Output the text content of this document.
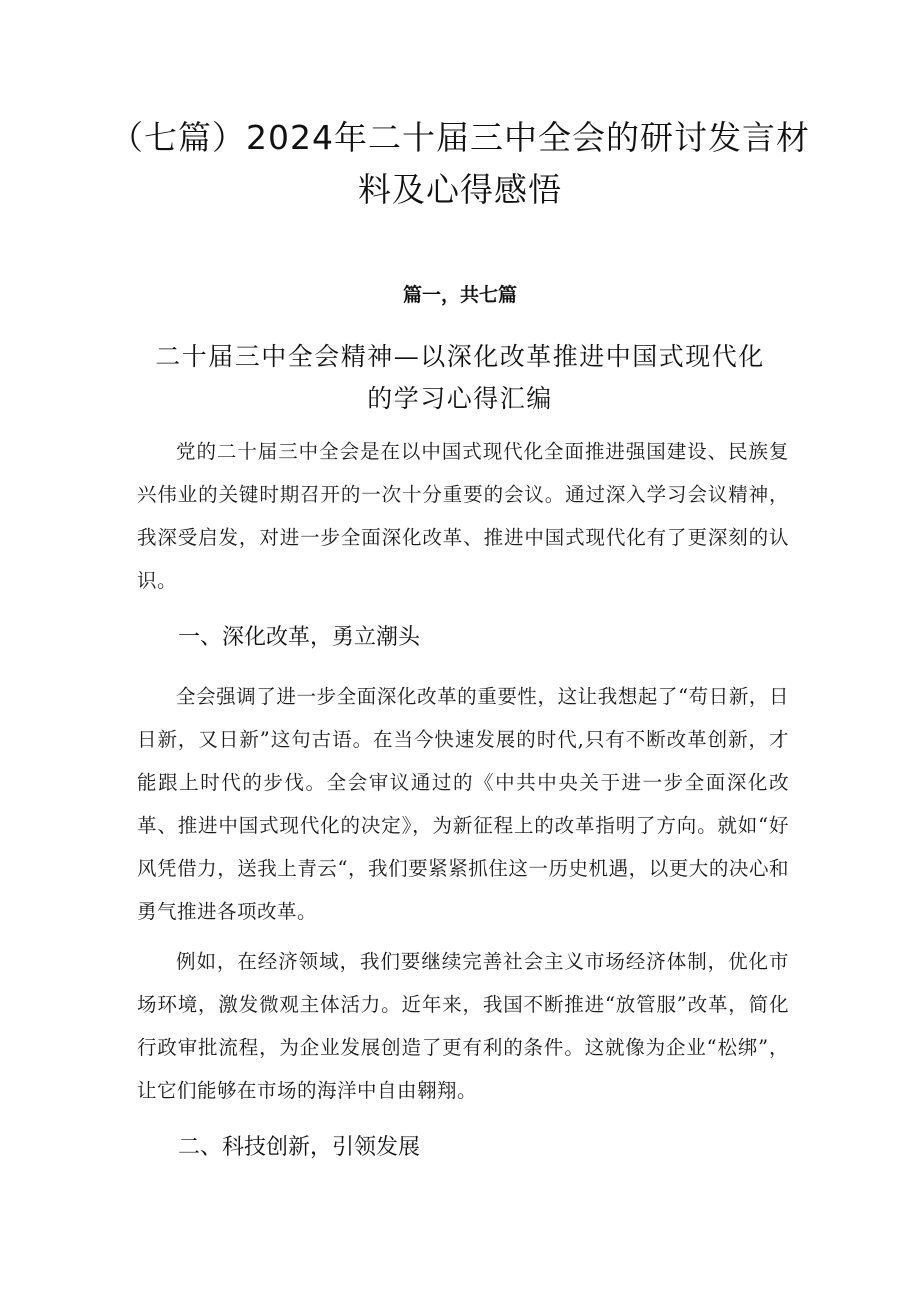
（七篇）2024年二十届三中全会的研讨发言材料及心得感悟
篇一，共七篇
二十届三中全会精神—以深化改革推进中国式现代化的学习心得汇编

党的二十届三中全会是在以中国式现代化全面推进强国建设、民族复兴伟业的关键时期召开的一次十分重要的会议。通过深入学习会议精神，我深受启发，对进一步全面深化改革、推进中国式现代化有了更深刻的认识。

一、深化改革，勇立潮头

全会强调了进一步全面深化改革的重要性，这让我想起了“苟日新，日日新，又日新”这句古语。在当今快速发展的时代,只有不断改革创新，才能跟上时代的步伐。全会审议通过的《中共中央关于进一步全面深化改革、推进中国式现代化的决定》，为新征程上的改革指明了方向。就如“好风凭借力，送我上青云“，我们要紧紧抓住这一历史机遇，以更大的决心和勇气推进各项改革。

例如，在经济领域，我们要继续完善社会主义市场经济体制，优化市场环境，激发微观主体活力。近年来，我国不断推进“放管服”改革，简化行政审批流程，为企业发展创造了更有利的条件。这就像为企业“松绑”，让它们能够在市场的海洋中自由翱翔。

二、科技创新，引领发展
